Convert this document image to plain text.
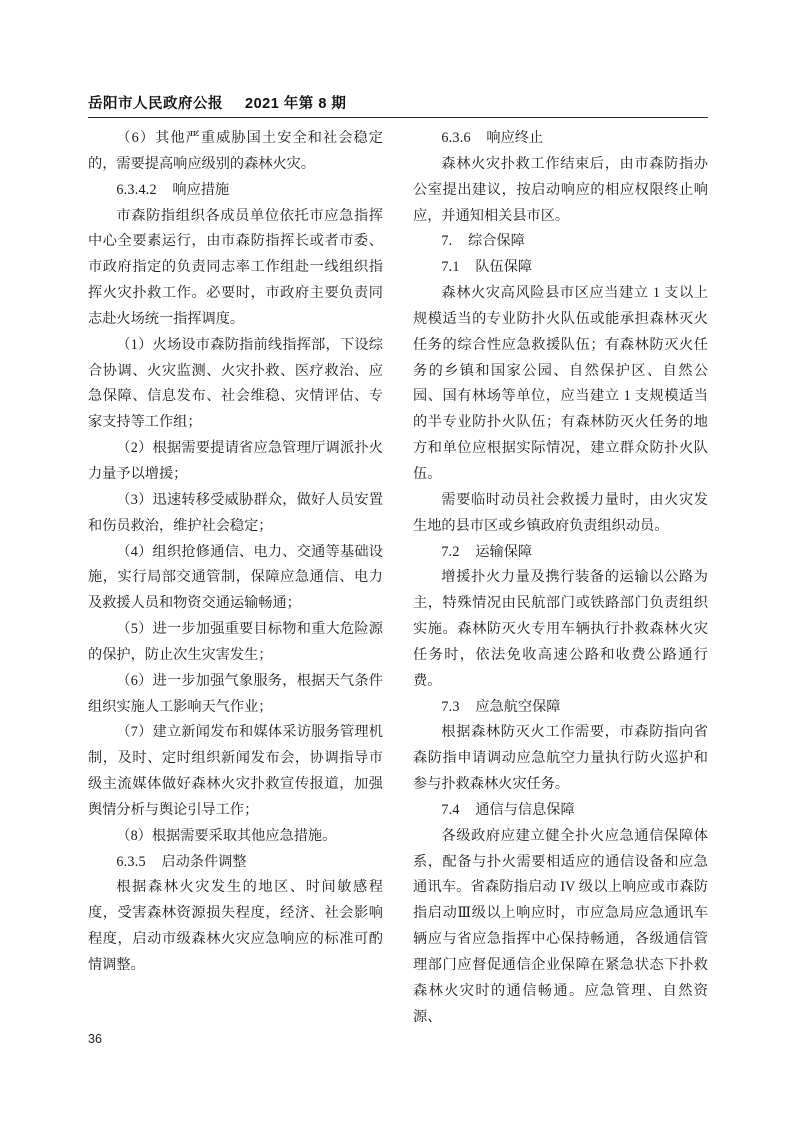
岳阳市人民政府公报 2021 年第 8 期

（6）其他严重威胁国土安全和社会稳定的，需要提高响应级别的森林火灾。

6.3.4.2 响应措施

市森防指组织各成员单位依托市应急指挥中心全要素运行，由市森防指挥长或者市委、市政府指定的负责同志率工作组赴一线组织指挥火灾扑救工作。必要时，市政府主要负责同志赴火场统一指挥调度。

（1）火场设市森防指前线指挥部，下设综合协调、火灾监测、火灾扑救、医疗救治、应急保障、信息发布、社会维稳、灾情评估、专家支持等工作组；

（2）根据需要提请省应急管理厅调派扑火力量予以增援；

（3）迅速转移受威胁群众，做好人员安置和伤员救治，维护社会稳定；

（4）组织抢修通信、电力、交通等基础设施，实行局部交通管制，保障应急通信、电力及救援人员和物资交通运输畅通；

（5）进一步加强重要目标物和重大危险源的保护，防止次生灾害发生；

（6）进一步加强气象服务，根据天气条件组织实施人工影响天气作业；

（7）建立新闻发布和媒体采访服务管理机制，及时、定时组织新闻发布会，协调指导市级主流媒体做好森林火灾扑救宣传报道，加强舆情分析与舆论引导工作；

（8）根据需要采取其他应急措施。

6.3.5 启动条件调整

根据森林火灾发生的地区、时间敏感程度，受害森林资源损失程度，经济、社会影响程度，启动市级森林火灾应急响应的标准可酌情调整。

6.3.6 响应终止

森林火灾扑救工作结束后，由市森防指办公室提出建议，按启动响应的相应权限终止响应，并通知相关县市区。

7. 综合保障

7.1 队伍保障

森林火灾高风险县市区应当建立 1 支以上规模适当的专业防扑火队伍或能承担森林灭火任务的综合性应急救援队伍；有森林防灭火任务的乡镇和国家公园、自然保护区、自然公园、国有林场等单位，应当建立 1 支规模适当的半专业防扑火队伍；有森林防灭火任务的地方和单位应根据实际情况，建立群众防扑火队伍。

需要临时动员社会救援力量时，由火灾发生地的县市区或乡镇政府负责组织动员。

7.2 运输保障

增援扑火力量及携行装备的运输以公路为主，特殊情况由民航部门或铁路部门负责组织实施。森林防灭火专用车辆执行扑救森林火灾任务时，依法免收高速公路和收费公路通行费。

7.3 应急航空保障

根据森林防灭火工作需要，市森防指向省森防指申请调动应急航空力量执行防火巡护和参与扑救森林火灾任务。

7.4 通信与信息保障

各级政府应建立健全扑火应急通信保障体系，配备与扑火需要相适应的通信设备和应急通讯车。省森防指启动 IV 级以上响应或市森防指启动Ⅲ级以上响应时，市应急局应急通讯车辆应与省应急指挥中心保持畅通，各级通信管理部门应督促通信企业保障在紧急状态下扑救森林火灾时的通信畅通。应急管理、自然资源、

36
